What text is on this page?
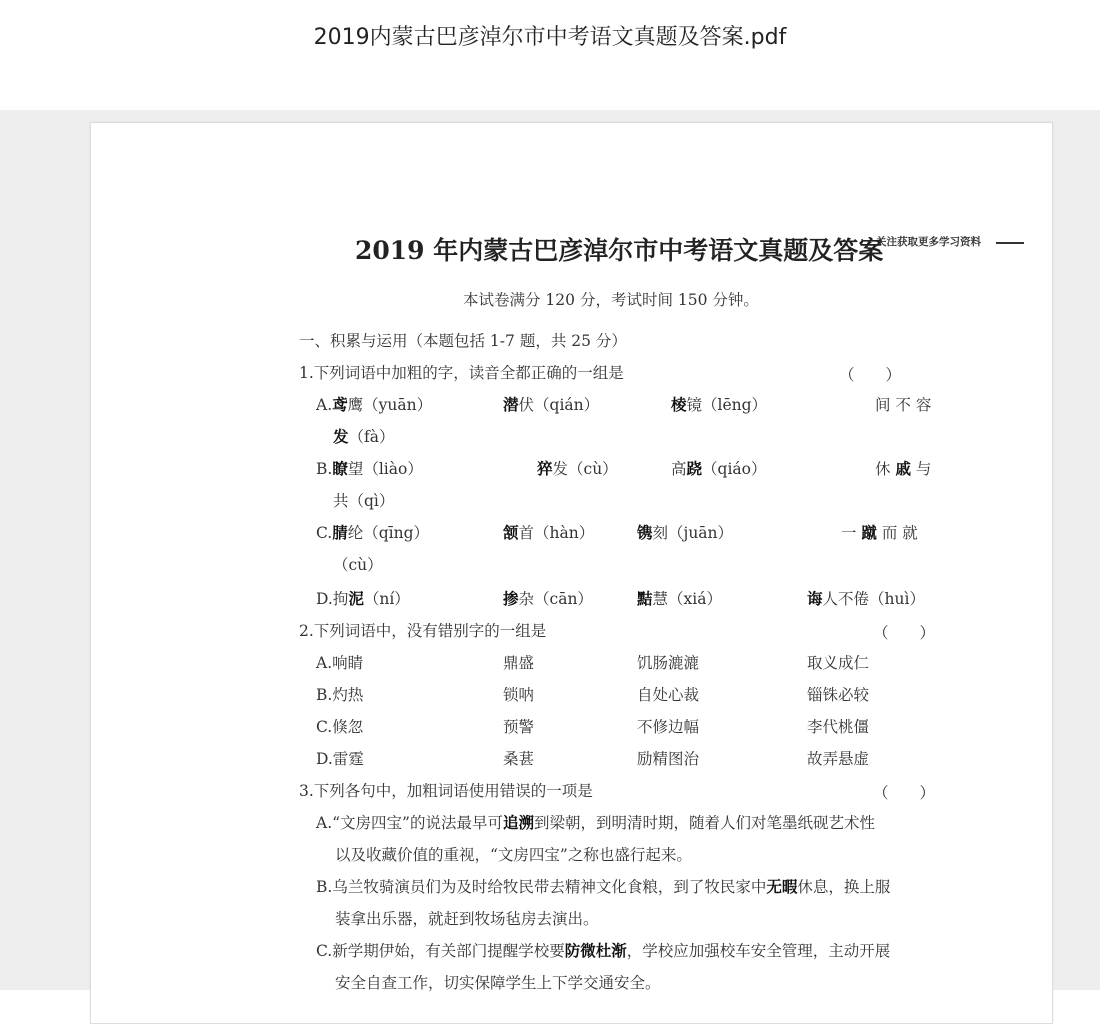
2019内蒙古巴彦淖尔市中考语文真题及答案.pdf
2019 年内蒙古巴彦淖尔市中考语文真题及答案
关注获取更多学习资料
本试卷满分 120 分，考试时间 150 分钟。
一、积累与运用（本题包括 1-7 题，共 25 分）
1.下列词语中加粗的字，读音全都正确的一组是	（　　）
A.鸢鹰（yuān）	潜伏（qián）	棱镜（lēng）	间 不 容
发（fà）
B.瞭望（liào）	猝发（cù）	高跷（qiáo）	休 戚 与
共（qì）
C.腈纶（qīng）	颔首（hàn）	镌刻（juān）	一 蹴 而 就
（cù）
D.拘泥（ní）	掺杂（cān）	黠慧（xiá）	诲人不倦（huì）
2.下列词语中，没有错别字的一组是	（　　）
A.响睛	鼎盛	饥肠漉漉	取义成仁
B.灼热	锁呐	自处心裁	锱铢必较
C.倏忽	预警	不修边幅	李代桃僵
D.雷霆	桑葚	励精图治	故弄悬虚
3.下列各句中，加粗词语使用错误的一项是	（　　）
A.“文房四宝”的说法最早可追溯到梁朝，到明清时期，随着人们对笔墨纸砚艺术性
以及收藏价值的重视，“文房四宝”之称也盛行起来。
B.乌兰牧骑演员们为及时给牧民带去精神文化食粮，到了牧民家中无暇休息，换上服
装拿出乐器，就赶到牧场毡房去演出。
C.新学期伊始，有关部门提醒学校要防微杜渐，学校应加强校车安全管理，主动开展
安全自查工作，切实保障学生上下学交通安全。
